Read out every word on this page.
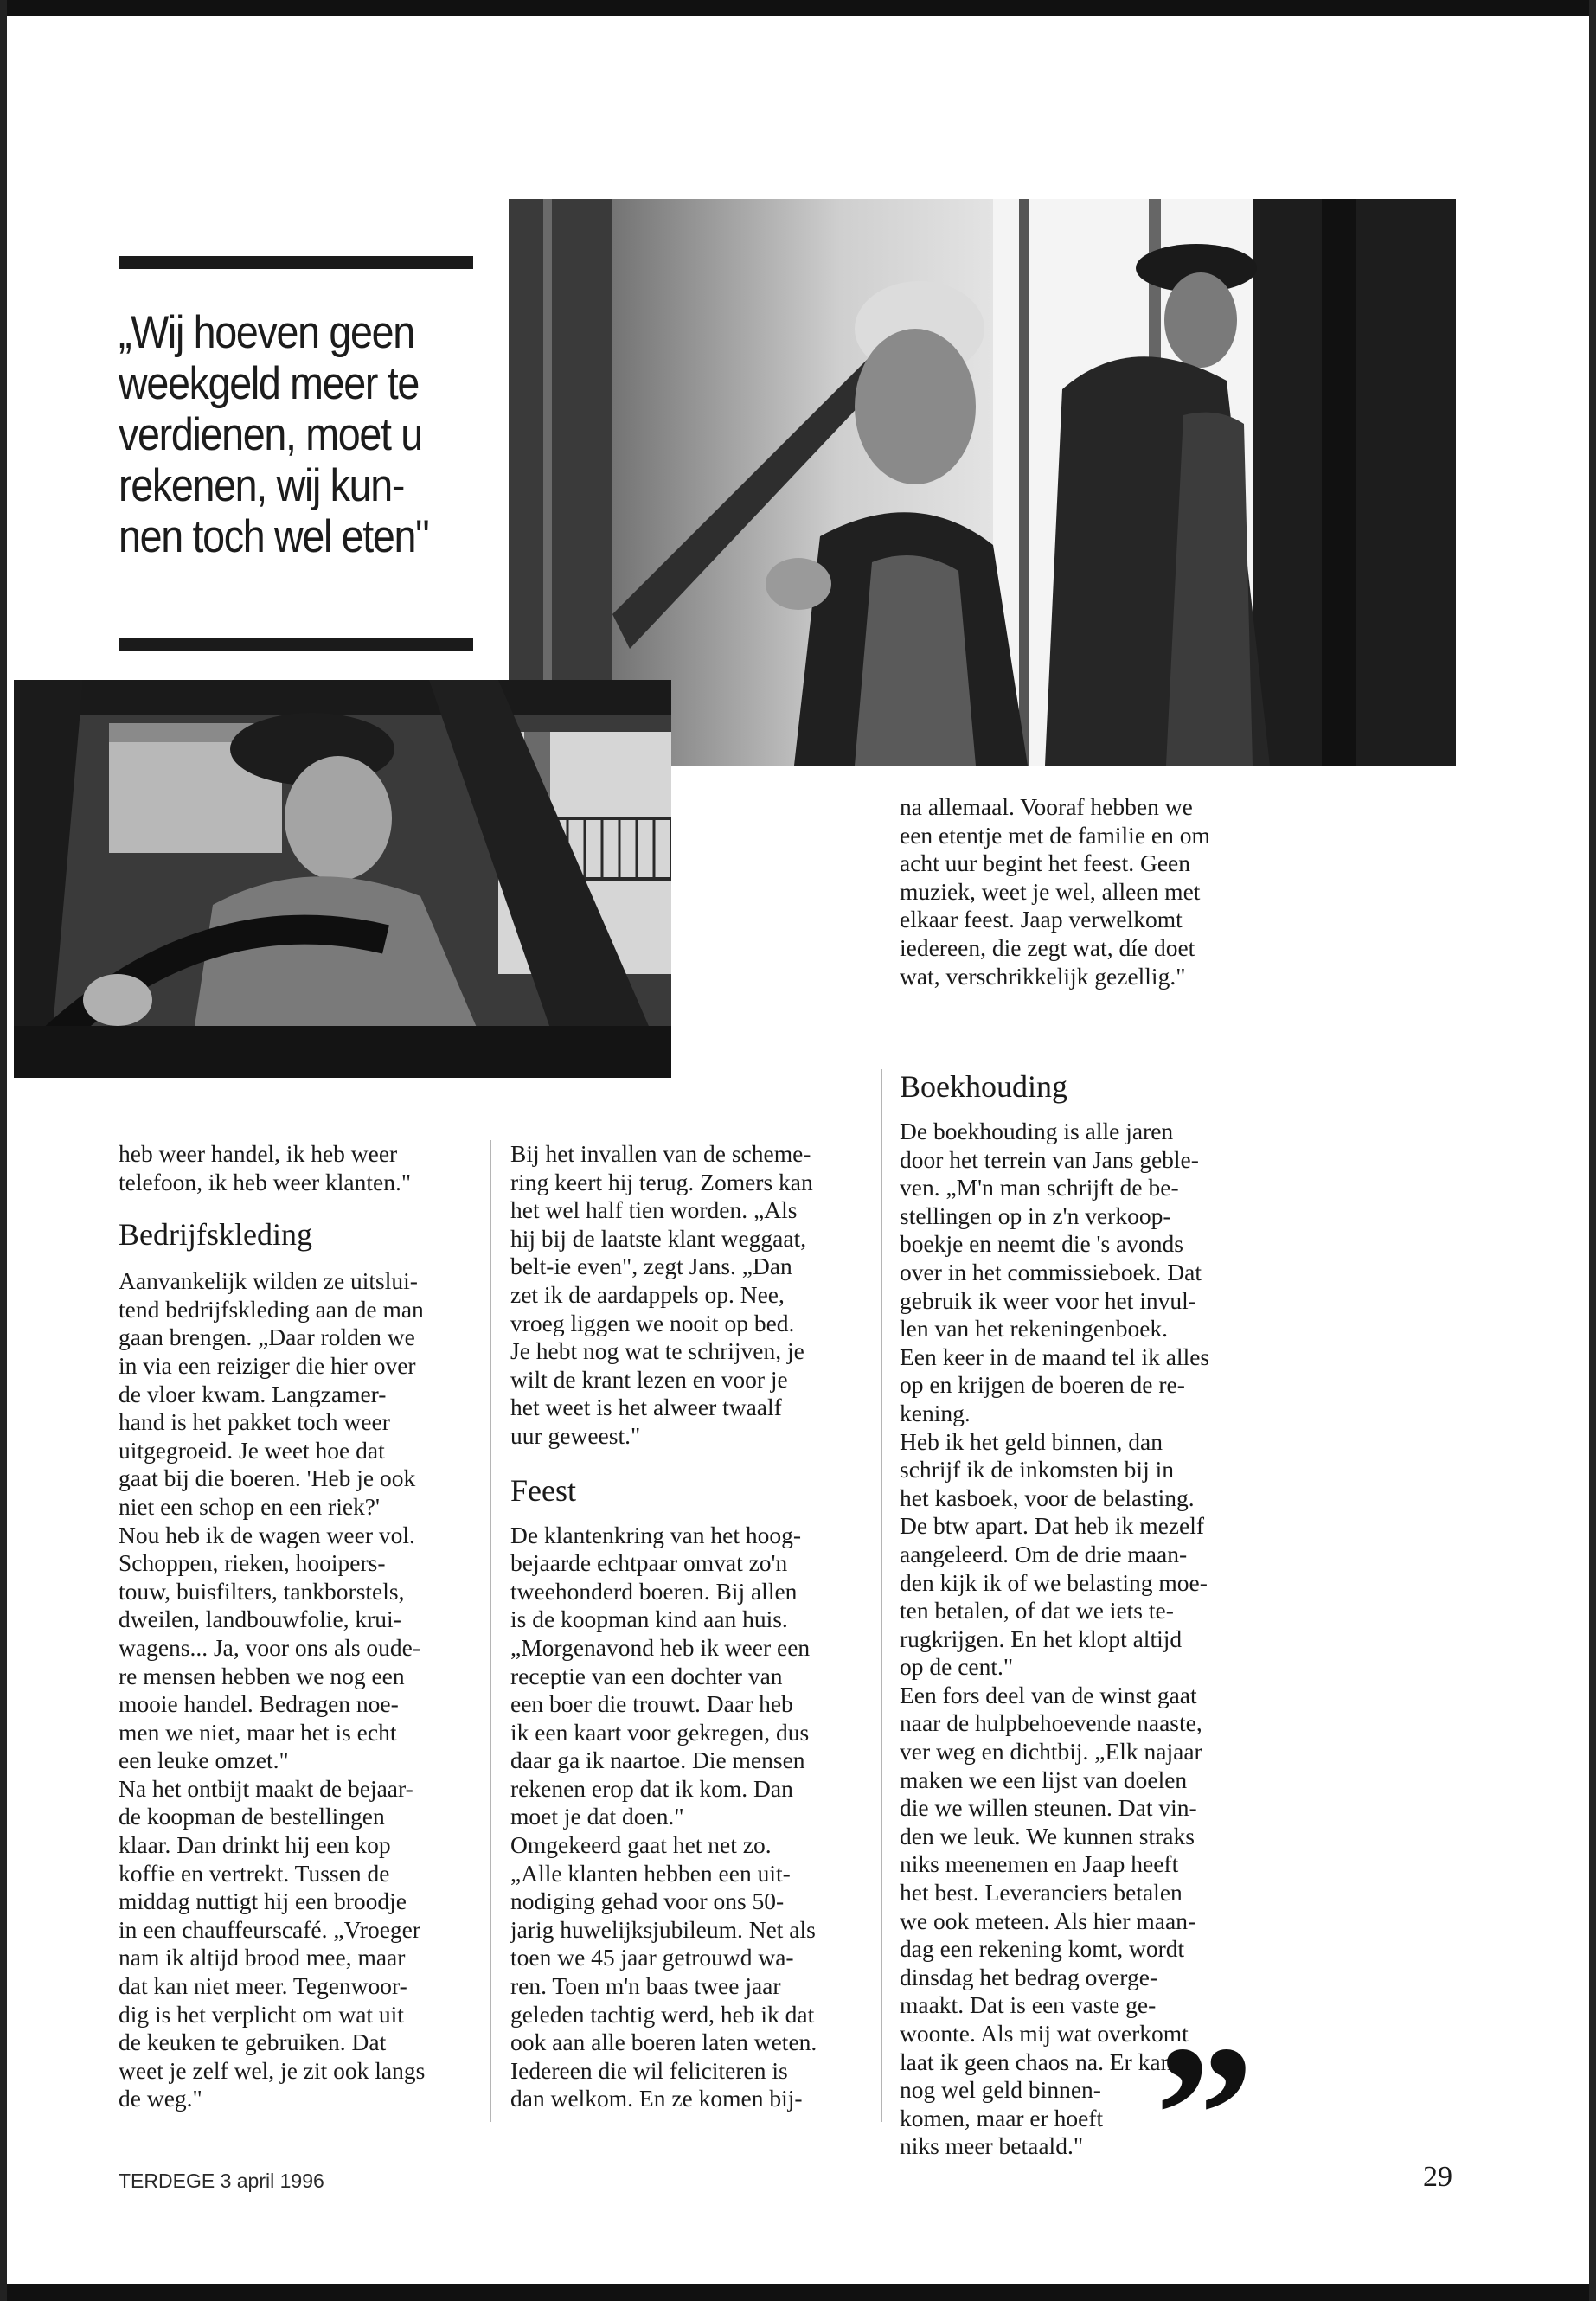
„Wij hoeven geen

weekgeld meer te

verdienen, moet u

rekenen, wij kun-

nen toch wel eten"

heb weer handel, ik heb weer

telefoon, ik heb weer klanten."

Bedrijfskleding

Aanvankelijk wilden ze uitslui-

tend bedrijfskleding aan de man

gaan brengen. „Daar rolden we

in via een reiziger die hier over

de vloer kwam. Langzamer-

hand is het pakket toch weer

uitgegroeid. Je weet hoe dat

gaat bij die boeren. 'Heb je ook

niet een schop en een riek?'

Nou heb ik de wagen weer vol.

Schoppen, rieken, hooipers-

touw, buisfilters, tankborstels,

dweilen, landbouwfolie, krui-

wagens... Ja, voor ons als oude-

re mensen hebben we nog een

mooie handel. Bedragen noe-

men we niet, maar het is echt

een leuke omzet."

Na het ontbijt maakt de bejaar-

de koopman de bestellingen

klaar. Dan drinkt hij een kop

koffie en vertrekt. Tussen de

middag nuttigt hij een broodje

in een chauffeurscafé. „Vroeger

nam ik altijd brood mee, maar

dat kan niet meer. Tegenwoor-

dig is het verplicht om wat uit

de keuken te gebruiken. Dat

weet je zelf wel, je zit ook langs

de weg."

Bij het invallen van de scheme-

ring keert hij terug. Zomers kan

het wel half tien worden. „Als

hij bij de laatste klant weggaat,

belt-ie even", zegt Jans. „Dan

zet ik de aardappels op. Nee,

vroeg liggen we nooit op bed.

Je hebt nog wat te schrijven, je

wilt de krant lezen en voor je

het weet is het alweer twaalf

uur geweest."

Feest

De klantenkring van het hoog-

bejaarde echtpaar omvat zo'n

tweehonderd boeren. Bij allen

is de koopman kind aan huis.

„Morgenavond heb ik weer een

receptie van een dochter van

een boer die trouwt. Daar heb

ik een kaart voor gekregen, dus

daar ga ik naartoe. Die mensen

rekenen erop dat ik kom. Dan

moet je dat doen."

Omgekeerd gaat het net zo.

„Alle klanten hebben een uit-

nodiging gehad voor ons 50-

jarig huwelijksjubileum. Net als

toen we 45 jaar getrouwd wa-

ren. Toen m'n baas twee jaar

geleden tachtig werd, heb ik dat

ook aan alle boeren laten weten.

Iedereen die wil feliciteren is

dan welkom. En ze komen bij-

na allemaal. Vooraf hebben we

een etentje met de familie en om

acht uur begint het feest. Geen

muziek, weet je wel, alleen met

elkaar feest. Jaap verwelkomt

iedereen, die zegt wat, díe doet

wat, verschrikkelijk gezellig."

Boekhouding

De boekhouding is alle jaren

door het terrein van Jans geble-

ven. „M'n man schrijft de be-

stellingen op in z'n verkoop-

boekje en neemt die 's avonds

over in het commissieboek. Dat

gebruik ik weer voor het invul-

len van het rekeningenboek.

Een keer in de maand tel ik alles

op en krijgen de boeren de re-

kening.

Heb ik het geld binnen, dan

schrijf ik de inkomsten bij in

het kasboek, voor de belasting.

De btw apart. Dat heb ik mezelf

aangeleerd. Om de drie maan-

den kijk ik of we belasting moe-

ten betalen, of dat we iets te-

rugkrijgen. En het klopt altijd

op de cent."

Een fors deel van de winst gaat

naar de hulpbehoevende naaste,

ver weg en dichtbij. „Elk najaar

maken we een lijst van doelen

die we willen steunen. Dat vin-

den we leuk. We kunnen straks

niks meenemen en Jaap heeft

het best. Leveranciers betalen

we ook meteen. Als hier maan-

dag een rekening komt, wordt

dinsdag het bedrag overge-

maakt. Dat is een vaste ge-

woonte. Als mij wat overkomt

laat ik geen chaos na. Er kan

nog wel geld binnen-

komen, maar er hoeft

niks meer betaald." ”
TERDEGE 3 april 1996	29
